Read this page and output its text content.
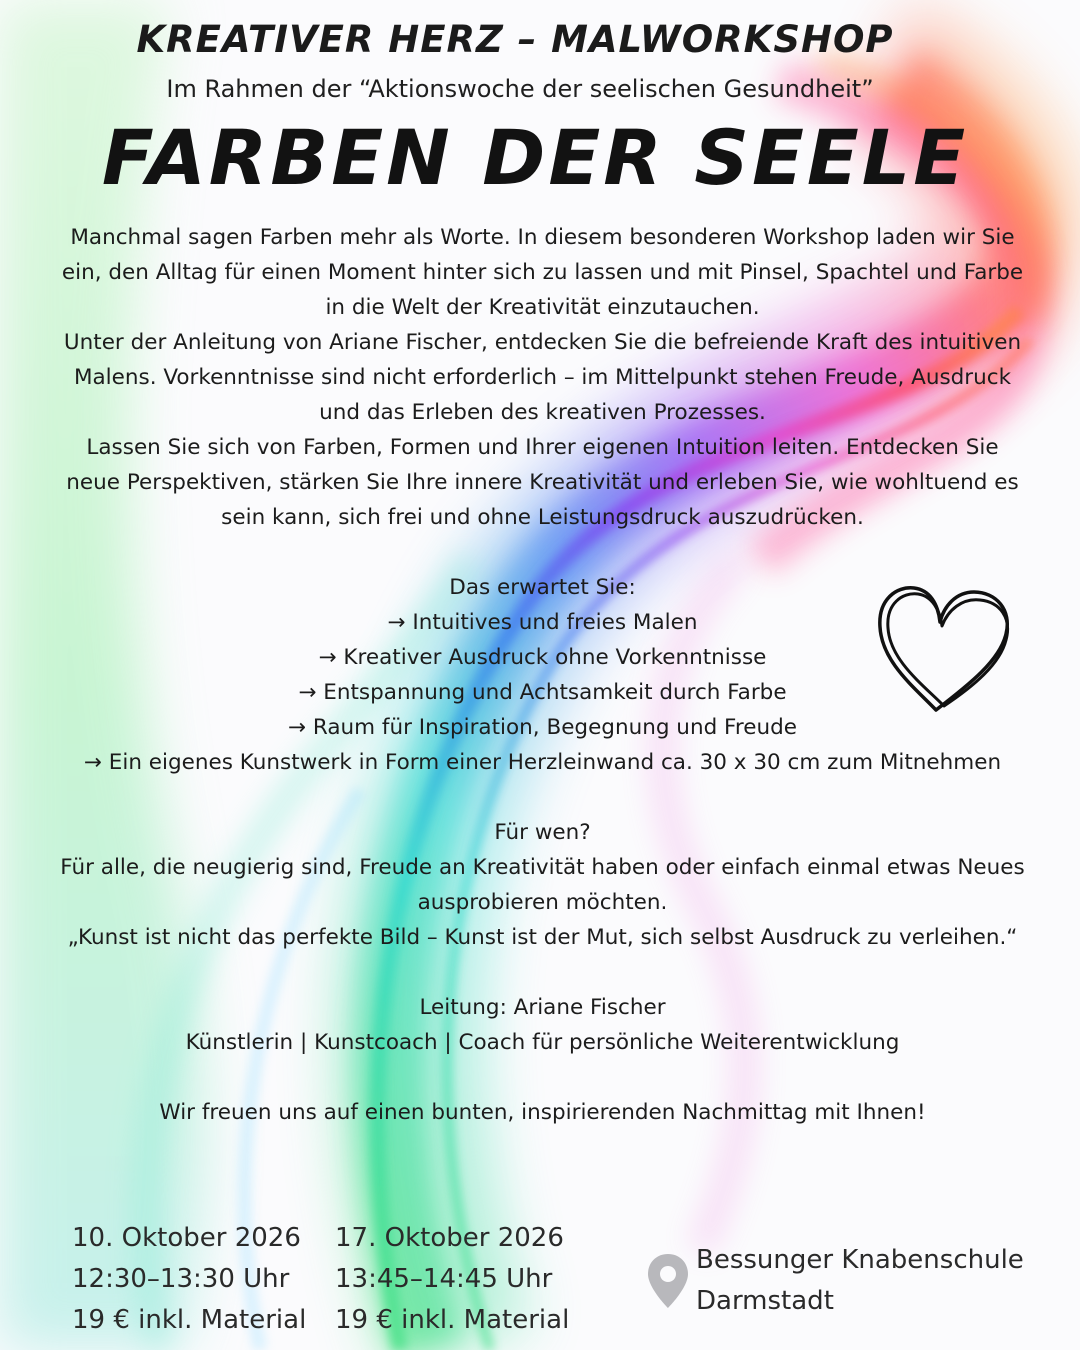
KREATIVER HERZ – MALWORKSHOP
Im Rahmen der “Aktionswoche der seelischen Gesundheit”
FARBEN DER SEELE

Manchmal sagen Farben mehr als Worte. In diesem besonderen Workshop laden wir Sie ein, den Alltag für einen Moment hinter sich zu lassen und mit Pinsel, Spachtel und Farbe in die Welt der Kreativität einzutauchen.

Unter der Anleitung von Ariane Fischer, entdecken Sie die befreiende Kraft des intuitiven Malens. Vorkenntnisse sind nicht erforderlich – im Mittelpunkt stehen Freude, Ausdruck und das Erleben des kreativen Prozesses.

Lassen Sie sich von Farben, Formen und Ihrer eigenen Intuition leiten. Entdecken Sie neue Perspektiven, stärken Sie Ihre innere Kreativität und erleben Sie, wie wohltuend es sein kann, sich frei und ohne Leistungsdruck auszudrücken.

Das erwartet Sie:

→ Intuitives und freies Malen

→ Kreativer Ausdruck ohne Vorkenntnisse

→ Entspannung und Achtsamkeit durch Farbe

→ Raum für Inspiration, Begegnung und Freude

→ Ein eigenes Kunstwerk in Form einer Herzleinwand ca. 30 x 30 cm zum Mitnehmen

Für wen?

Für alle, die neugierig sind, Freude an Kreativität haben oder einfach einmal etwas Neues ausprobieren möchten.

„Kunst ist nicht das perfekte Bild – Kunst ist der Mut, sich selbst Ausdruck zu verleihen.“

Leitung: Ariane Fischer

Künstlerin | Kunstcoach | Coach für persönliche Weiterentwicklung

Wir freuen uns auf einen bunten, inspirierenden Nachmittag mit Ihnen!

10. Oktober 2026

12:30–13:30 Uhr

19 € inkl. Material

17. Oktober 2026

13:45–14:45 Uhr

19 € inkl. Material

Bessunger Knabenschule

Darmstadt
